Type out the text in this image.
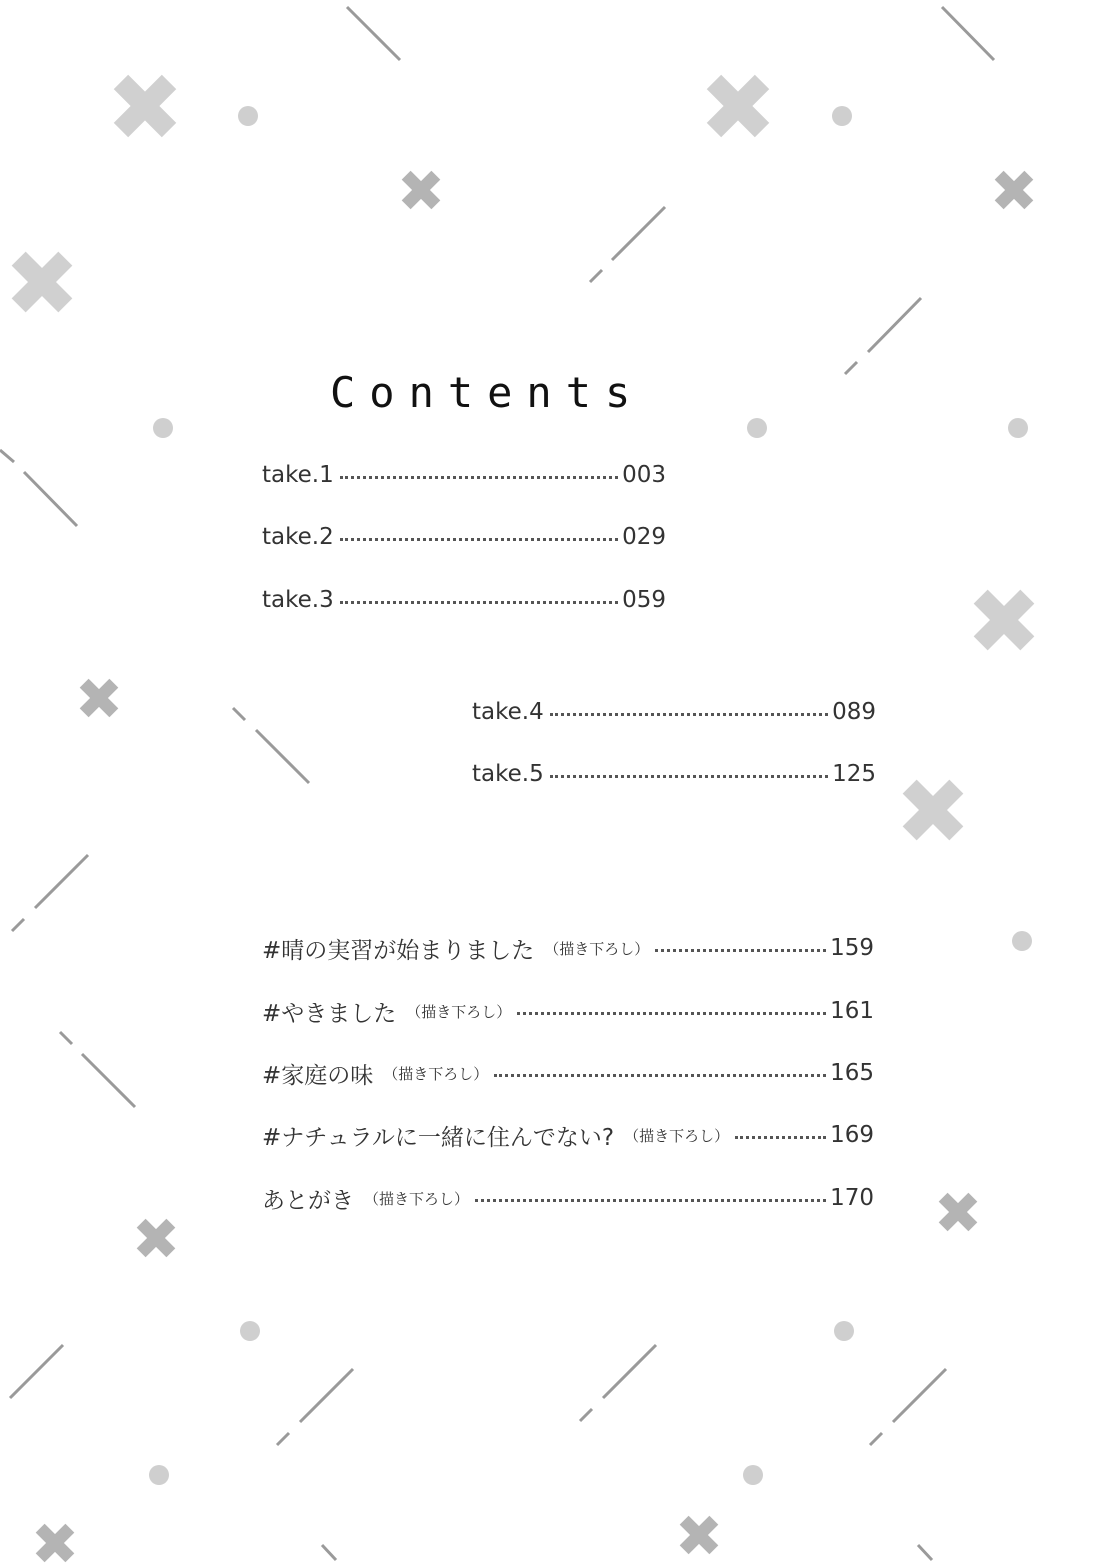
Contents
take.1	003
take.2	029
take.3	059
take.4	089
take.5	125
#晴の実習が始まりました （描き下ろし）	159
#やきました （描き下ろし）	161
#家庭の味 （描き下ろし）	165
#ナチュラルに一緒に住んでない? （描き下ろし）	169
あとがき （描き下ろし）	170
